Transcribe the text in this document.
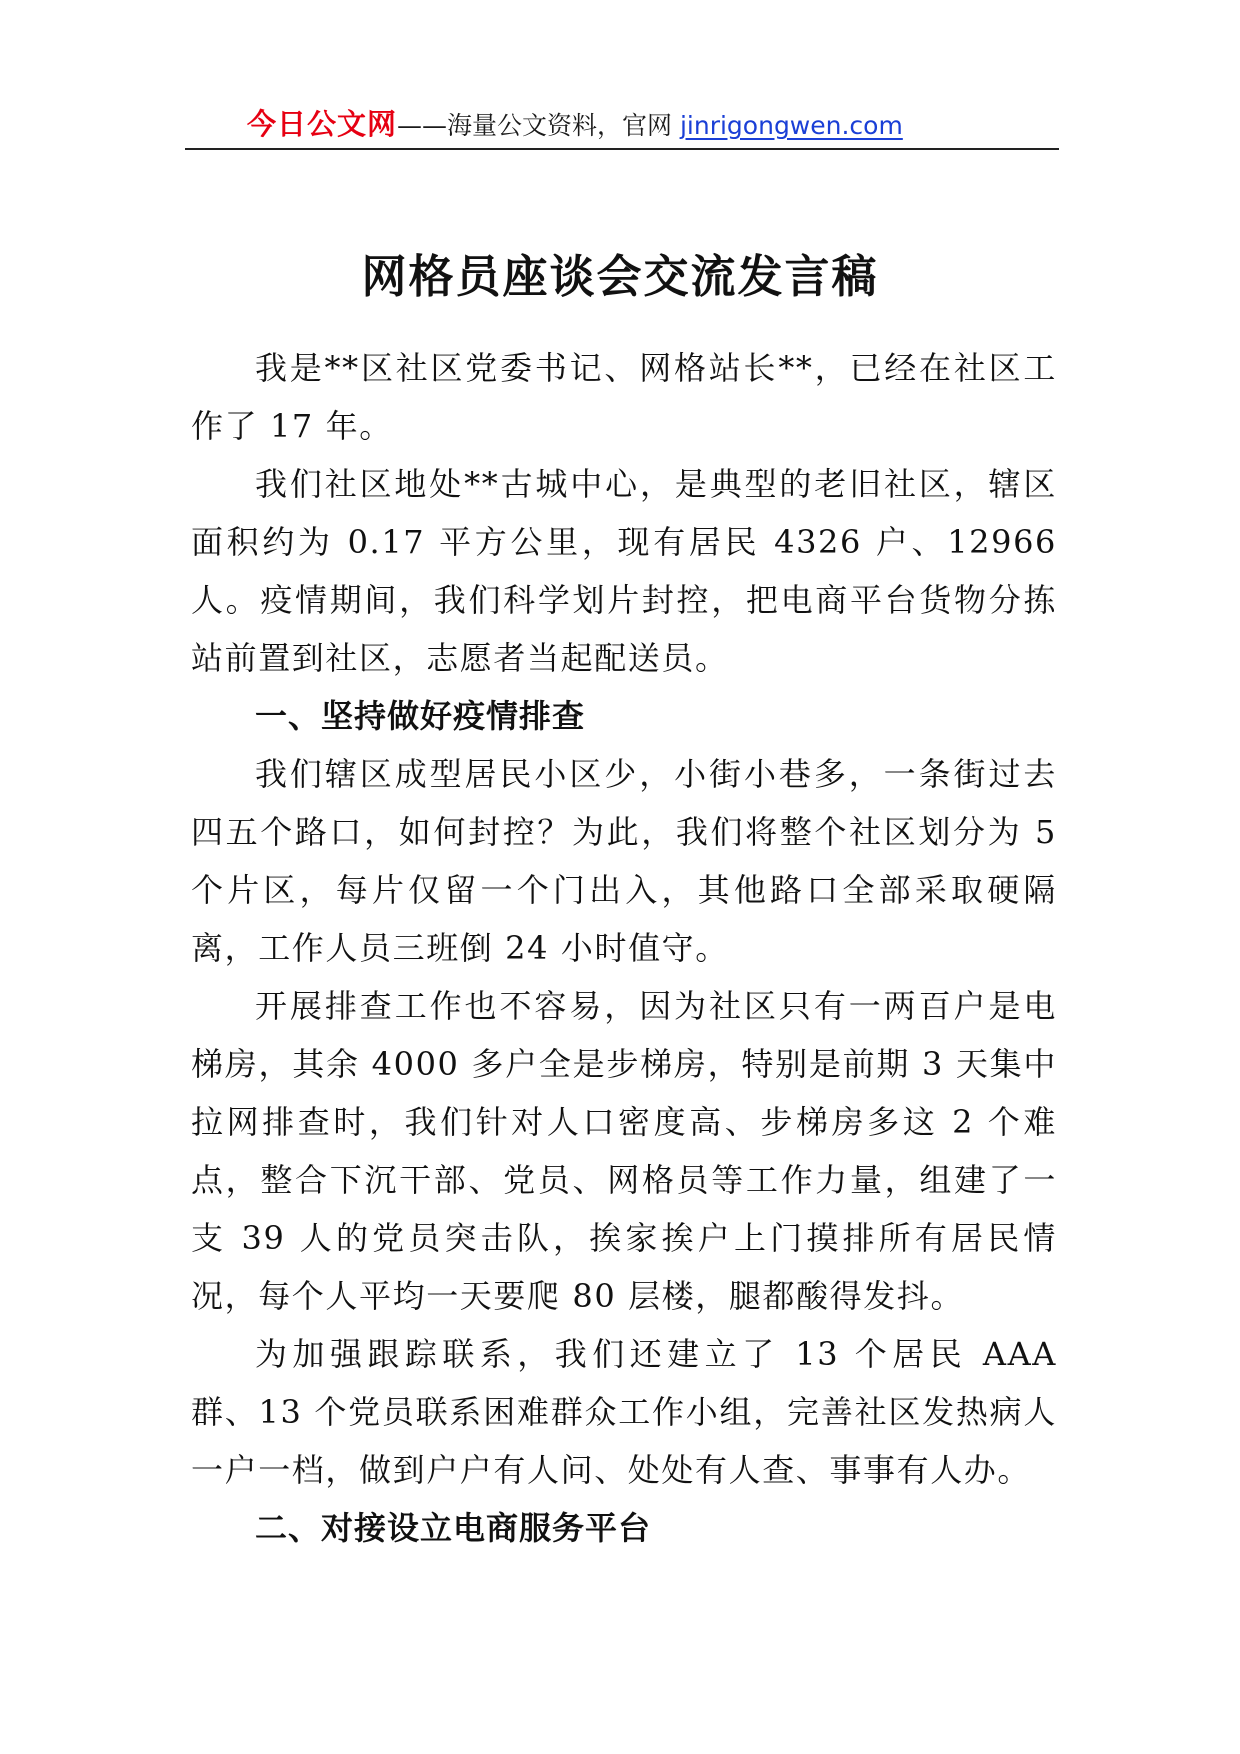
今日公文网——海量公文资料，官网 jinrigongwen.com
网格员座谈会交流发言稿

我是**区社区党委书记、网格站长**，已经在社区工作了 17 年。

我们社区地处**古城中心，是典型的老旧社区，辖区面积约为 0.17 平方公里，现有居民 4326 户、12966 人。疫情期间，我们科学划片封控，把电商平台货物分拣站前置到社区，志愿者当起配送员。

一、坚持做好疫情排查

我们辖区成型居民小区少，小街小巷多，一条街过去四五个路口，如何封控？为此，我们将整个社区划分为 5 个片区，每片仅留一个门出入，其他路口全部采取硬隔离，工作人员三班倒 24 小时值守。

开展排查工作也不容易，因为社区只有一两百户是电梯房，其余 4000 多户全是步梯房，特别是前期 3 天集中拉网排查时，我们针对人口密度高、步梯房多这 2 个难点，整合下沉干部、党员、网格员等工作力量，组建了一支 39 人的党员突击队，挨家挨户上门摸排所有居民情况，每个人平均一天要爬 80 层楼，腿都酸得发抖。

为加强跟踪联系，我们还建立了 13 个居民 AAA 群、13 个党员联系困难群众工作小组，完善社区发热病人一户一档，做到户户有人问、处处有人查、事事有人办。

二、对接设立电商服务平台
